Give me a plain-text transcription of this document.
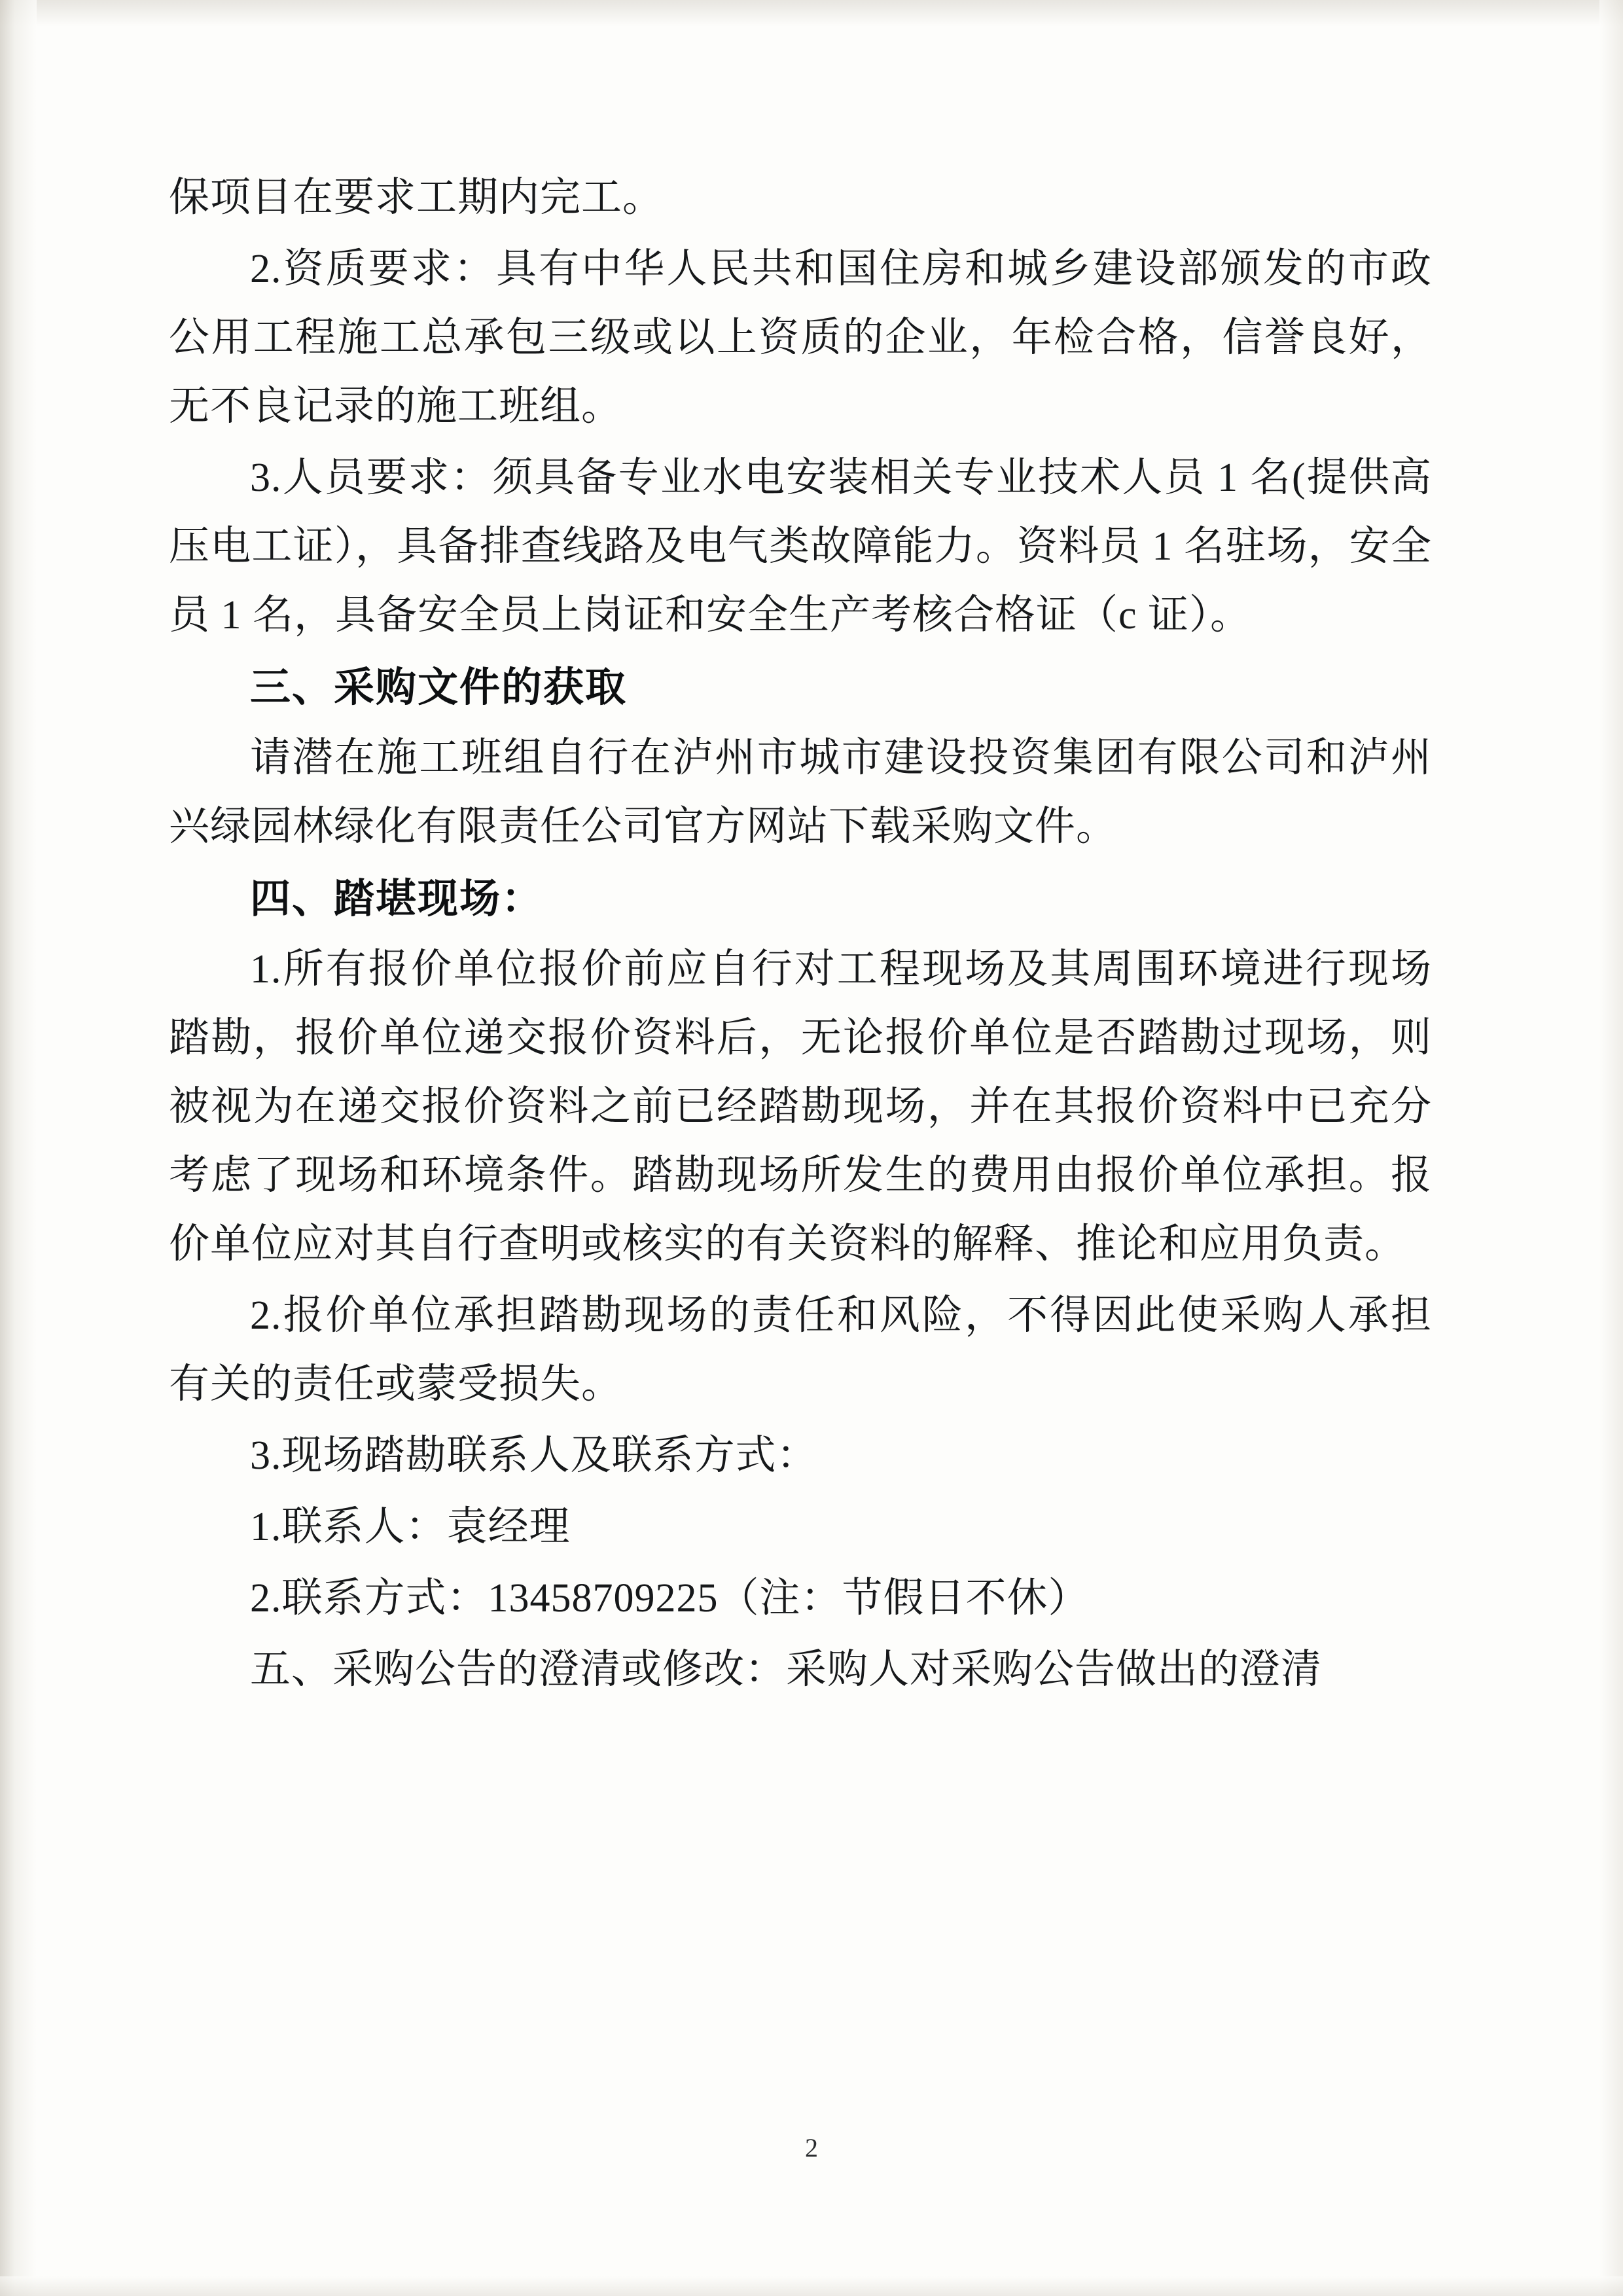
保项目在要求工期内完工。

2.资质要求：具有中华人民共和国住房和城乡建设部颁发的市政公用工程施工总承包三级或以上资质的企业，年检合格，信誉良好，无不良记录的施工班组。

3.人员要求：须具备专业水电安装相关专业技术人员 1 名(提供高压电工证），具备排查线路及电气类故障能力。资料员 1 名驻场，安全员 1 名，具备安全员上岗证和安全生产考核合格证（c 证）。

三、采购文件的获取

请潜在施工班组自行在泸州市城市建设投资集团有限公司和泸州兴绿园林绿化有限责任公司官方网站下载采购文件。

四、踏堪现场：

1.所有报价单位报价前应自行对工程现场及其周围环境进行现场踏勘，报价单位递交报价资料后，无论报价单位是否踏勘过现场，则被视为在递交报价资料之前已经踏勘现场，并在其报价资料中已充分考虑了现场和环境条件。踏勘现场所发生的费用由报价单位承担。报价单位应对其自行查明或核实的有关资料的解释、推论和应用负责。

2.报价单位承担踏勘现场的责任和风险，不得因此使采购人承担有关的责任或蒙受损失。

3.现场踏勘联系人及联系方式：

1.联系人：袁经理

2.联系方式：13458709225（注：节假日不休）

五、采购公告的澄清或修改：采购人对采购公告做出的澄清

2
